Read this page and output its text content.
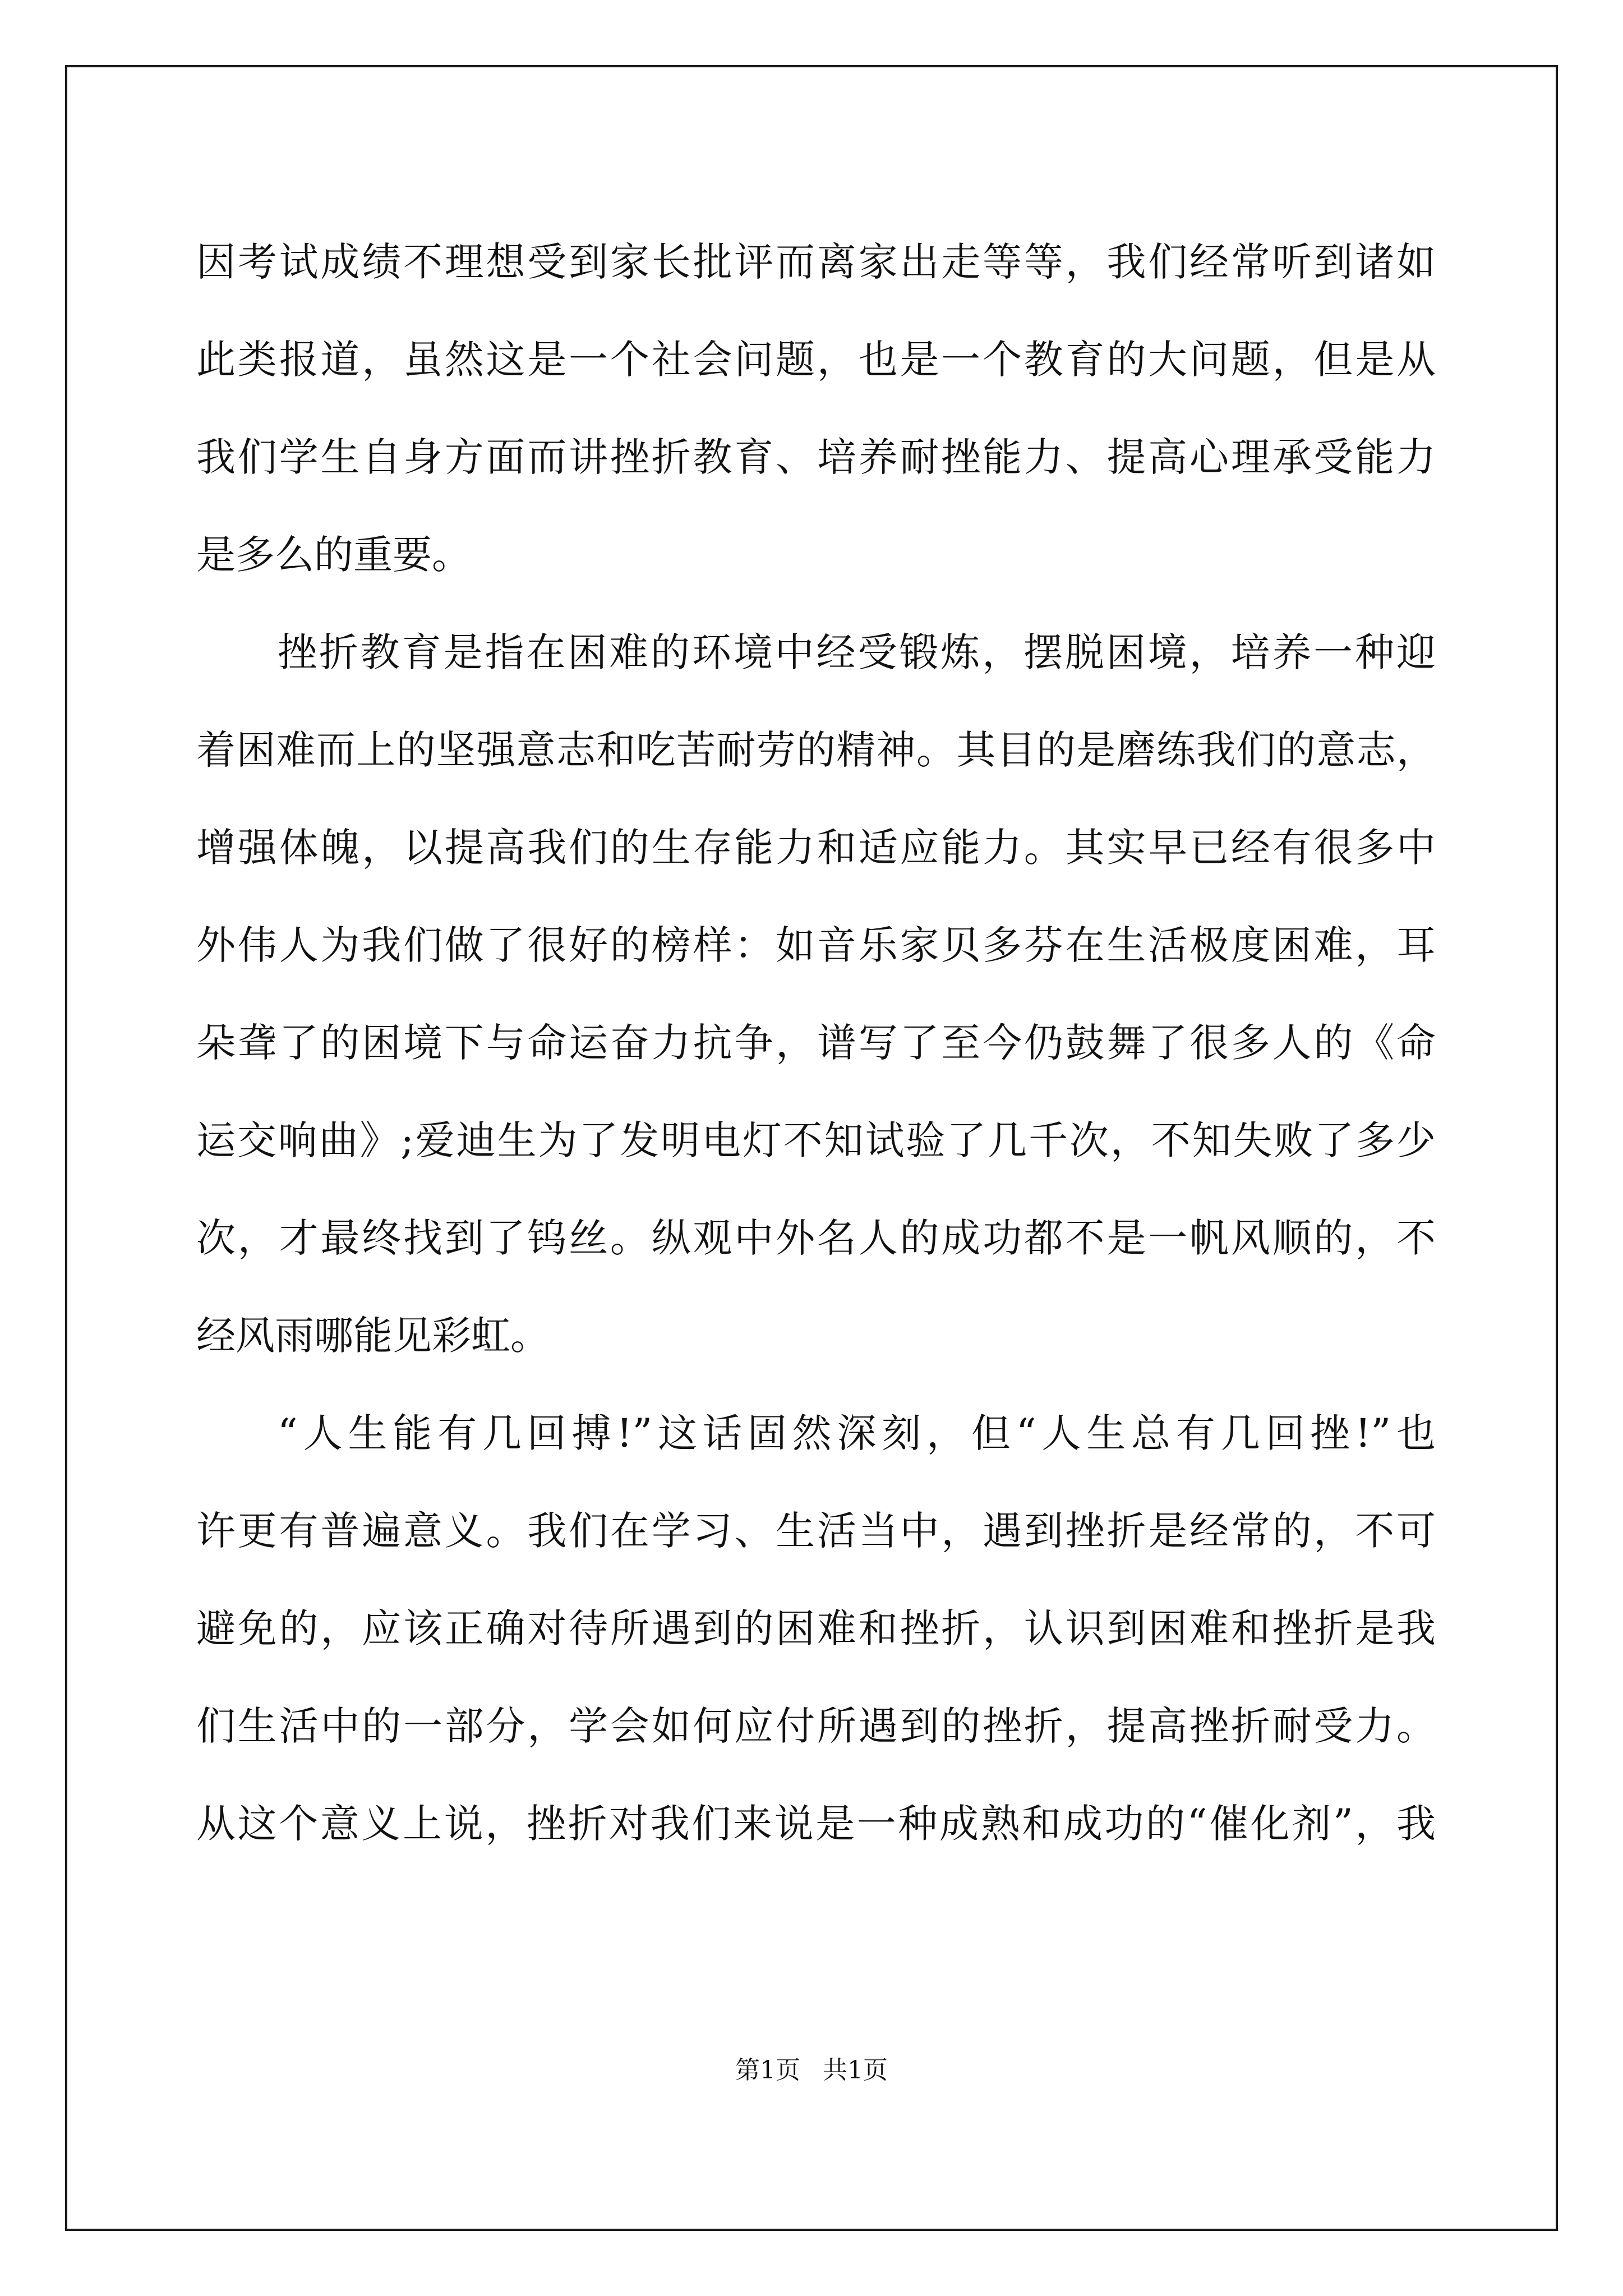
因考试成绩不理想受到家长批评而离家出走等等，我们经常听到诸如
此类报道，虽然这是一个社会问题，也是一个教育的大问题，但是从
我们学生自身方面而讲挫折教育、培养耐挫能力、提高心理承受能力
是多么的重要。
挫折教育是指在困难的环境中经受锻炼，摆脱困境，培养一种迎
着困难而上的坚强意志和吃苦耐劳的精神。其目的是磨练我们的意志，
增强体魄，以提高我们的生存能力和适应能力。其实早已经有很多中
外伟人为我们做了很好的榜样：如音乐家贝多芬在生活极度困难，耳
朵聋了的困境下与命运奋力抗争，谱写了至今仍鼓舞了很多人的《命
运交响曲》;爱迪生为了发明电灯不知试验了几千次，不知失败了多少
次，才最终找到了钨丝。纵观中外名人的成功都不是一帆风顺的，不
经风雨哪能见彩虹。
“人生能有几回搏!”这话固然深刻，但“人生总有几回挫!”也
许更有普遍意义。我们在学习、生活当中，遇到挫折是经常的，不可
避免的，应该正确对待所遇到的困难和挫折，认识到困难和挫折是我
们生活中的一部分，学会如何应付所遇到的挫折，提高挫折耐受力。
从这个意义上说，挫折对我们来说是一种成熟和成功的“催化剂”，我
第1页 共1页
